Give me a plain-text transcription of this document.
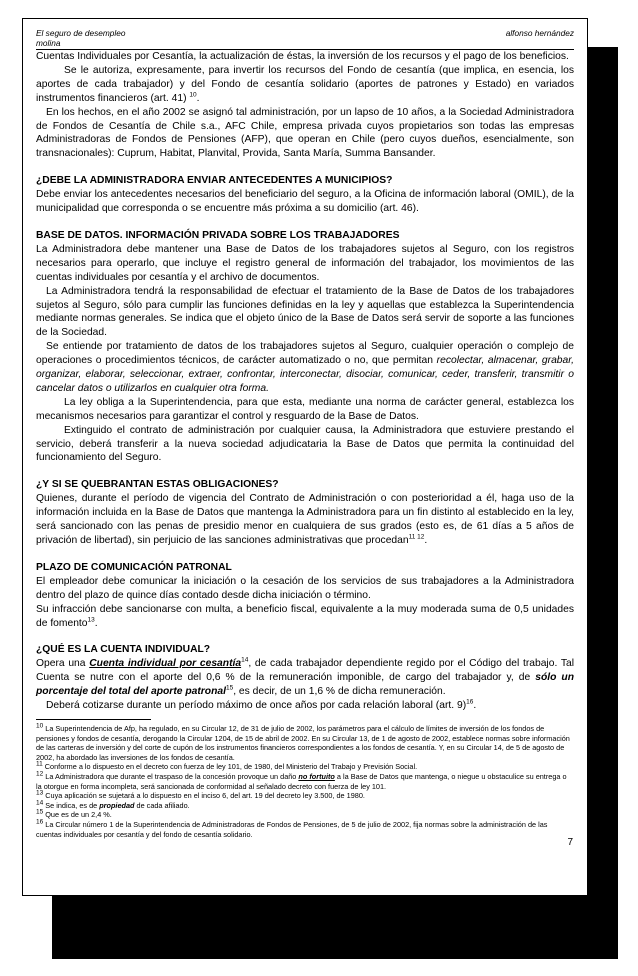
El seguro de desempleo	alfonso hernández
molina

Cuentas Individuales por Cesantía, la actualización de éstas, la inversión de los recursos y el pago de los beneficios.

Se le autoriza, expresamente, para invertir los recursos del Fondo de cesantía (que implica, en esencia, los aportes de cada trabajador) y del Fondo de cesantía solidario (aportes de patrones y Estado) en variados instrumentos financieros (art. 41) $^{10}$.

En los hechos, en el año 2002 se asignó tal administración, por un lapso de 10 años, a la Sociedad Administradora de Fondos de Cesantía de Chile s.a., AFC Chile, empresa privada cuyos propietarios son todas las empresas Administradoras de Fondos de Pensiones (AFP), que operan en Chile (pero cuyos dueños, esencialmente, son transnacionales): Cuprum, Habitat, Planvital, Provida, Santa María, Summa Bansander.

¿DEBE LA ADMINISTRADORA ENVIAR ANTECEDENTES A MUNICIPIOS?

Debe enviar los antecedentes necesarios del beneficiario del seguro, a la Oficina de información laboral (OMIL), de la municipalidad que corresponda o se encuentre más próxima a su domicilio (art. 46).

BASE DE DATOS. INFORMACIÓN PRIVADA SOBRE LOS TRABAJADORES

La Administradora debe mantener una Base de Datos de los trabajadores sujetos al Seguro, con los registros necesarios para operarlo, que incluye el registro general de información del trabajador, los movimientos de las cuentas individuales por cesantía y el archivo de documentos.

La Administradora tendrá la responsabilidad de efectuar el tratamiento de la Base de Datos de los trabajadores sujetos al Seguro, sólo para cumplir las funciones definidas en la ley y aquellas que establezca la Superintendencia mediante normas generales. Se indica que el objeto único de la Base de Datos será servir de soporte a las funciones de la Sociedad.

Se entiende por tratamiento de datos de los trabajadores sujetos al Seguro, cualquier operación o complejo de operaciones o procedimientos técnicos, de carácter automatizado o no, que permitan recolectar, almacenar, grabar, organizar, elaborar, seleccionar, extraer, confrontar, interconectar, disociar, comunicar, ceder, transferir, transmitir o cancelar datos o utilizarlos en cualquier otra forma.

La ley obliga a la Superintendencia, para que esta, mediante una norma de carácter general, establezca los mecanismos necesarios para garantizar el control y resguardo de la Base de Datos.

Extinguido el contrato de administración por cualquier causa, la Administradora que estuviere prestando el servicio, deberá transferir a la nueva sociedad adjudicataria la Base de Datos que permita la continuidad del funcionamiento del Seguro.

¿Y SI SE QUEBRANTAN ESTAS OBLIGACIONES?

Quienes, durante el período de vigencia del Contrato de Administración o con posterioridad a él, haga uso de la información incluida en la Base de Datos que mantenga la Administradora para un fin distinto al establecido en la ley, será sancionado con las penas de presidio menor en cualquiera de sus grados (esto es, de 61 días a 5 años de privación de libertad), sin perjuicio de las sanciones administrativas que procedan$^{11 12}$.

PLAZO DE COMUNICACIÓN PATRONAL

El empleador debe comunicar la iniciación o la cesación de los servicios de sus trabajadores a la Administradora dentro del plazo de quince días contado desde dicha iniciación o término.

Su infracción debe sancionarse con multa, a beneficio fiscal, equivalente a la muy moderada suma de 0,5 unidades de fomento$^{13}$.

¿QUÉ ES LA CUENTA INDIVIDUAL?

Opera una Cuenta individual por cesantía$^{14}$, de cada trabajador dependiente regido por el Código del trabajo. Tal Cuenta se nutre con el aporte del 0,6 % de la remuneración imponible, de cargo del trabajador y, de sólo un porcentaje del total del aporte patronal$^{15}$, es decir, de un 1,6 % de dicha remuneración.

Deberá cotizarse durante un período máximo de once años por cada relación laboral (art. 9)$^{16}$.

$^{10}$ La Superintendencia de Afp, ha regulado, en su Circular 12, de 31 de julio de 2002, los parámetros para el cálculo de límites de inversión de los fondos de pensiones y fondos de cesantía, derogando la Circular 1204, de 15 de abril de 2002. En su Circular 13, de 1 de agosto de 2002, establece normas sobre información de las carteras de inversión y del corte de cupón de los instrumentos financieros correspondientes a los fondos de cesantía. Y, en su Circular 14, de 5 de agosto de 2002, ha abordado las inversiones de los fondos de cesantía.

$^{11}$ Conforme a lo dispuesto en el decreto con fuerza de ley 101, de 1980, del Ministerio del Trabajo y Previsión Social.

$^{12}$ La Administradora que durante el traspaso de la concesión provoque un daño no fortuito a la Base de Datos que mantenga, o niegue u obstaculice su entrega o la otorgue en forma incompleta, será sancionada de conformidad al señalado decreto con fuerza de ley 101.

$^{13}$ Cuya aplicación se sujetará a lo dispuesto en el inciso 6, del art. 19 del decreto ley 3.500, de 1980.

$^{14}$ Se indica, es de propiedad de cada afiliado.

$^{15}$ Que es de un 2,4 %.

$^{16}$ La Circular número 1 de la Superintendencia de Administradoras de Fondos de Pensiones, de 5 de julio de 2002, fija normas sobre la administración de las cuentas individuales por cesantía y del fondo de cesantía solidario.

7
